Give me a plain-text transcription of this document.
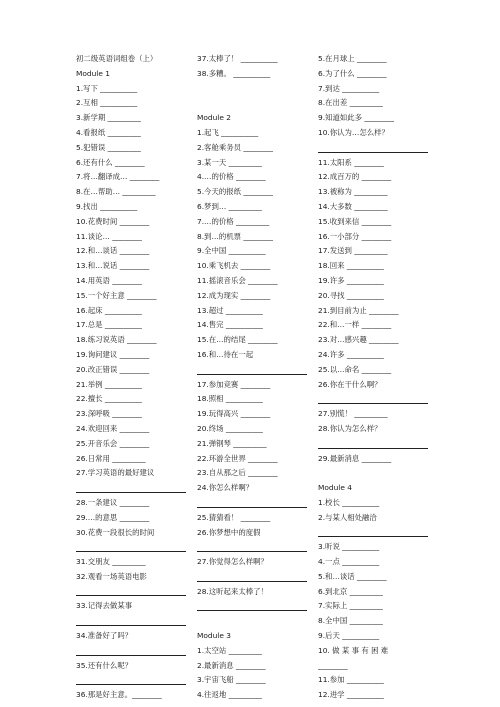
初二级英语词组卷（上）
Module 1
1.写下 __________
2.互相 __________
3.新学期 _________
4.看报纸 _________
5.犯错误 _________
6.还有什么 ________
7.将…翻译成… ________
8.在…帮助… _________
9.找出 __________
10.花费时间 ________
11.谈论… ________
12.和…谈话 ________
13.和…说话 ________
14.用英语 ________
15.一个好主意 ________
16.起床 __________
17.总是 __________
18.练习说英语 ________
19.询问建议 ________
20.改正错误 ________
21.举例 __________
22.擅长 __________
23.深呼吸 ________
24.欢迎回来 ________
25.开音乐会 ________
26.日常用 _________
27.学习英语的最好建议
28.一条建议 ________
29.…的意思 ________
30.花费一段很长的时间
31.交朋友 _________
32.观看一场英语电影
33.记得去做某事
34.准备好了吗？
35.还有什么呢？
36.那是好主意。________
37.太棒了！ __________
38.多糟。 __________
Module 2
1.起飞 __________
2.客舱乘务员 ________
3.某一天 _________
4.…的价格 ________
5.今天的报纸 ________
6.梦到… _________
7.…的价格 _________
8.到…的机票 ________
9.全中国 __________
10.乘飞机去 ________
11.摇滚音乐会 ________
12.成为现实 ________
13.超过 __________
14.售完 __________
15.在…的结尾 ________
16.和…待在一起
17.参加竞赛 ________
18.照相 __________
19.玩得高兴 ________
20.终场 __________
21.弹钢琴 _________
22.环游全世界 ________
23.自从那之后 ________
24.你怎么样啊？
25.猜猜看！ ________
26.你梦想中的度假
27.你觉得怎么样啊？
28.这听起来太棒了！
Module 3
1.太空站 _________
2.最新消息 ________
3.宇宙飞船 ________
4.往返地 _________
5.在月球上 ________
6.为了什么 ________
7.到达 __________
8.在出差 _________
9.知道如此多 ________
10.你认为…怎么样？
11.太阳系 ________
12.成百万的 ________
13.被称为 _________
14.大多数 _________
15.收到来信 ________
16.一小部分 ________
17.发送到 _________
18.回来 __________
19.许多 __________
20.寻找 __________
21.到目前为止 ________
22.和…一样 ________
23.对…感兴趣 ________
24.许多 __________
25.以…命名 ________
26.你在干什么啊？
27.别慌！ _________
28.你认为怎么样？
29.最新消息 ________
Module 4
1.校长 __________
2.与某人相处融洽
3.听说 __________
4.一点 __________
5.和…谈话 ________
6.到北京 _________
7.实际上 _________
8.全中国 _________
9.后天 __________
10. 做 某 事 有 困 难
________
11.参加 __________
12.进学 __________
